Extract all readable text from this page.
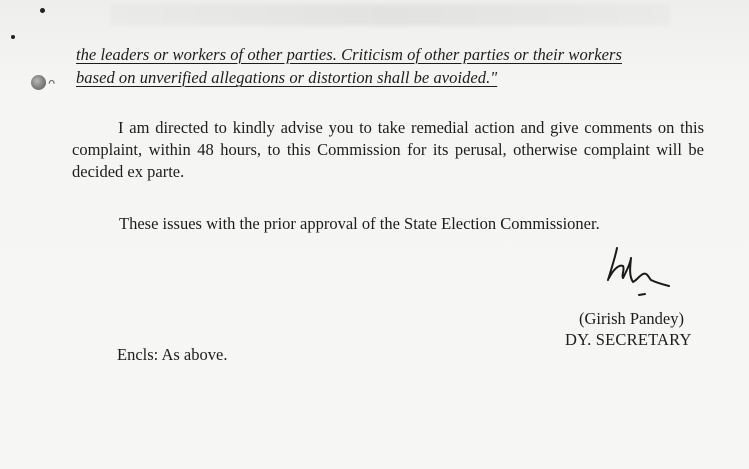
ᴖ
the leaders or workers of other parties. Criticism of other parties or their workers
based on unverified allegations or distortion shall be avoided."

I am directed to kindly advise you to take remedial action and give comments on this complaint, within 48 hours, to this Commission for its perusal, otherwise complaint will be decided ex parte.

These issues with the prior approval of the State Election Commissioner.

(Girish Pandey)
DY. SECRETARY
Encls: As above.
